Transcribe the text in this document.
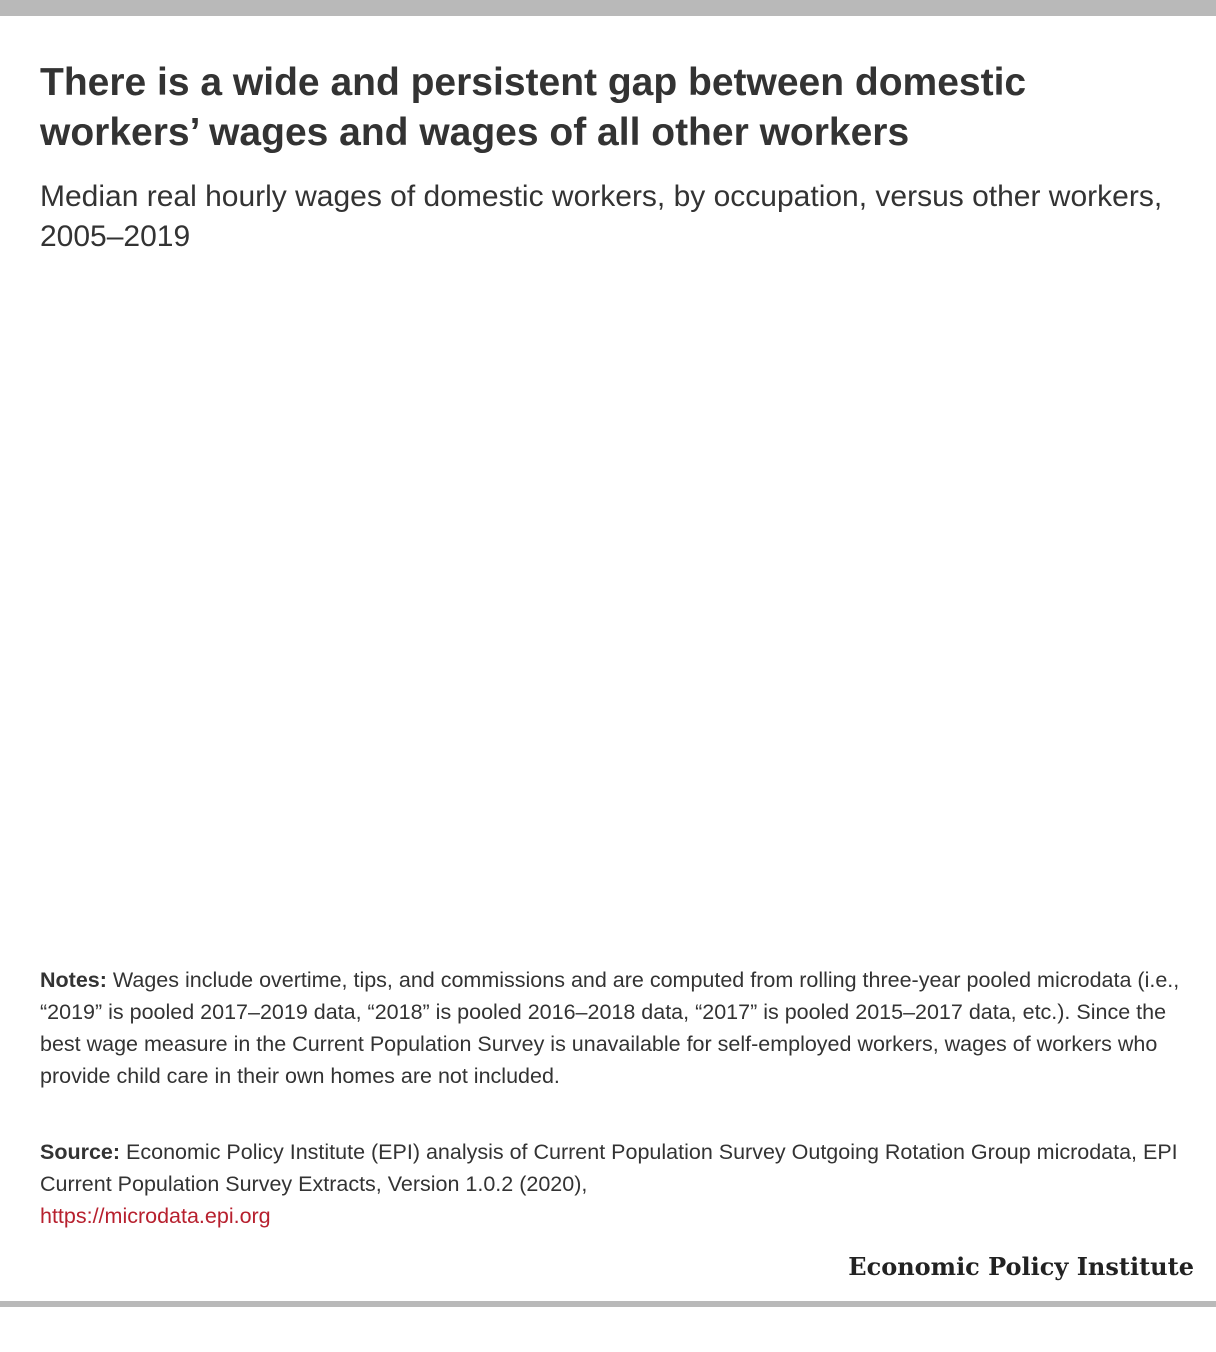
There is a wide and persistent gap between domestic workers’ wages and wages of all other workers
Median real hourly wages of domestic workers, by occupation, versus other workers, 2005–2019

Notes: Wages include overtime, tips, and commissions and are computed from rolling three-year pooled microdata (i.e., “2019” is pooled 2017–2019 data, “2018” is pooled 2016–2018 data, “2017” is pooled 2015–2017 data, etc.). Since the best wage measure in the Current Population Survey is unavailable for self-employed workers, wages of workers who provide child care in their own homes are not included.

Source: Economic Policy Institute (EPI) analysis of Current Population Survey Outgoing Rotation Group microdata, EPI Current Population Survey Extracts, Version 1.0.2 (2020),
https://microdata.epi.org

Economic Policy Institute
